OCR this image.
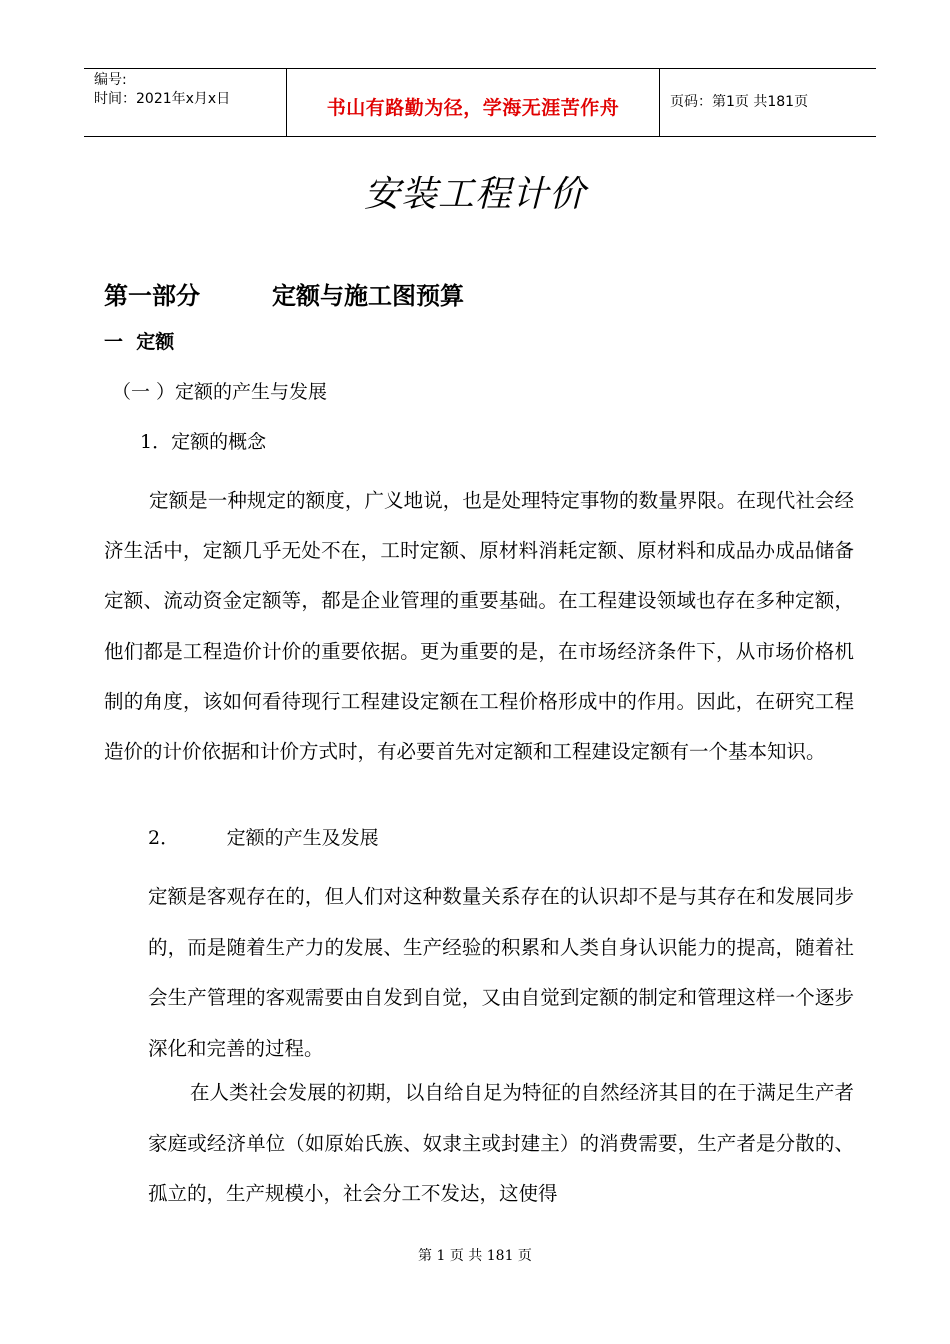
编号:
时间：2021年x月x日	书山有路勤为径，学海无涯苦作舟	页码：第1页 共181页
安装工程计价
第一部分　　　定额与施工图预算
一  定额
（一 ）定额的产生与发展
1．定额的概念

定额是一种规定的额度，广义地说，也是处理特定事物的数量界限。在现代社会经济生活中，定额几乎无处不在，工时定额、原材料消耗定额、原材料和成品办成品储备定额、流动资金定额等，都是企业管理的重要基础。在工程建设领域也存在多种定额，他们都是工程造价计价的重要依据。更为重要的是，在市场经济条件下，从市场价格机制的角度，该如何看待现行工程建设定额在工程价格形成中的作用。因此，在研究工程造价的计价依据和计价方式时，有必要首先对定额和工程建设定额有一个基本知识。

2．　　　定额的产生及发展

定额是客观存在的，但人们对这种数量关系存在的认识却不是与其存在和发展同步的，而是随着生产力的发展、生产经验的积累和人类自身认识能力的提高，随着社会生产管理的客观需要由自发到自觉，又由自觉到定额的制定和管理这样一个逐步深化和完善的过程。

在人类社会发展的初期，以自给自足为特征的自然经济其目的在于满足生产者家庭或经济单位（如原始氏族、奴隶主或封建主）的消费需要，生产者是分散的、孤立的，生产规模小，社会分工不发达，这使得

第 1 页 共 181 页
